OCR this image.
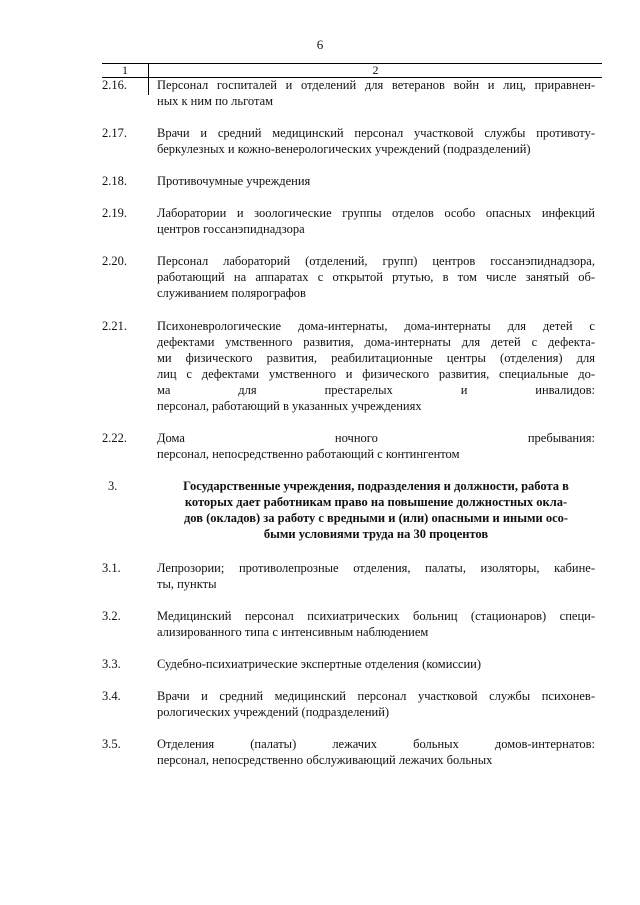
6
1	2
2.16.	Персонал госпиталей и отделений для ветеранов войн и лиц, приравнен-
ных к ним по льготам
2.17.	Врачи и средний медицинский персонал участковой службы противоту-
беркулезных и кожно-венерологических учреждений (подразделений)
2.18.	Противочумные учреждения
2.19.	Лаборатории и зоологические группы отделов особо опасных инфекций
центров госсанэпиднадзора
2.20.	Персонал лабораторий (отделений, групп) центров госсанэпиднадзора,
работающий на аппаратах с открытой ртутью, в том числе занятый об-
служиванием полярографов
2.21.	Психоневрологические дома-интернаты, дома-интернаты для детей с
дефектами умственного развития, дома-интернаты для детей с дефекта-
ми физического развития, реабилитационные центры (отделения) для
лиц с дефектами умственного и физического развития, специальные до-
ма для престарелых и инвалидов:
персонал, работающий в указанных учреждениях
2.22.	Дома ночного пребывания:
персонал, непосредственно работающий с контингентом
3.	Государственные учреждения, подразделения и должности, работа в
которых дает работникам право на повышение должностных окла-
дов (окладов) за работу с вредными и (или) опасными и иными осо-
быми условиями труда на 30 процентов
3.1.	Лепрозории; противолепрозные отделения, палаты, изоляторы, кабине-
ты, пункты
3.2.	Медицинский персонал психиатрических больниц (стационаров) специ-
ализированного типа с интенсивным наблюдением
3.3.	Судебно-психиатрические экспертные отделения (комиссии)
3.4.	Врачи и средний медицинский персонал участковой службы психонев-
рологических учреждений (подразделений)
3.5.	Отделения (палаты) лежачих больных домов-интернатов:
персонал, непосредственно обслуживающий лежачих больных
